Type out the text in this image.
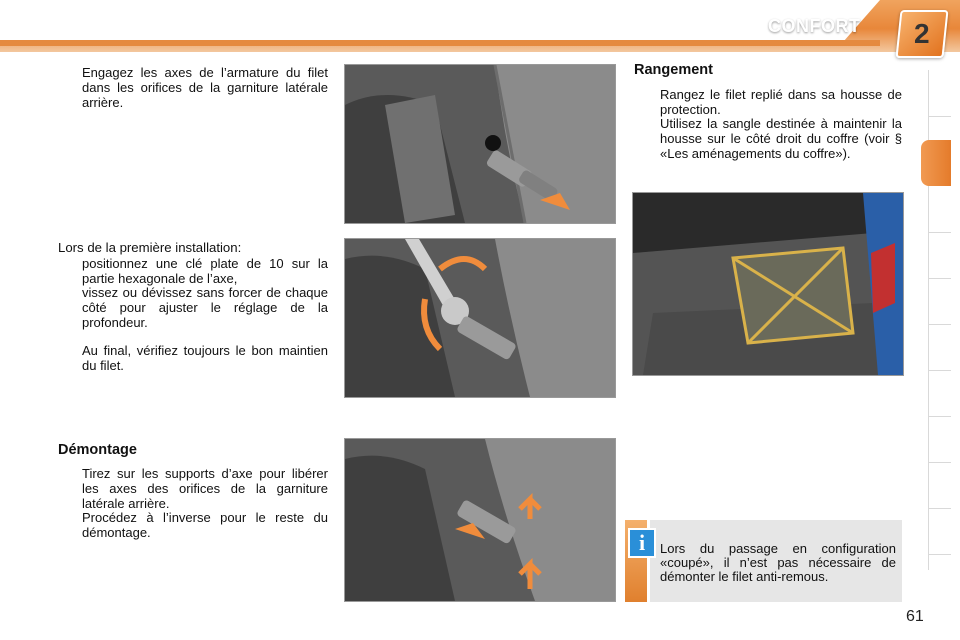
CONFORT 2
Engagez les axes de l’armature du filet dans les orifices de la garniture latérale arrière.
Lors de la première installation:
positionnez une clé plate de 10 sur la partie hexagonale de l’axe,
vissez ou dévissez sans forcer de chaque côté pour ajuster le réglage de la profondeur.
Au final, vérifiez toujours le bon maintien du filet.
Démontage
Tirez sur les supports d’axe pour libérer les axes des orifices de la garniture latérale arrière.
Procédez à l’inverse pour le reste du démontage.
Rangement
Rangez le filet replié dans sa housse de protection.
Utilisez la sangle destinée à maintenir la housse sur le côté droit du coffre (voir § «Les aménagements du coffre»).
i	Lors du passage en configuration «coupé», il n’est pas nécessaire de démonter le filet anti-remous.
61
